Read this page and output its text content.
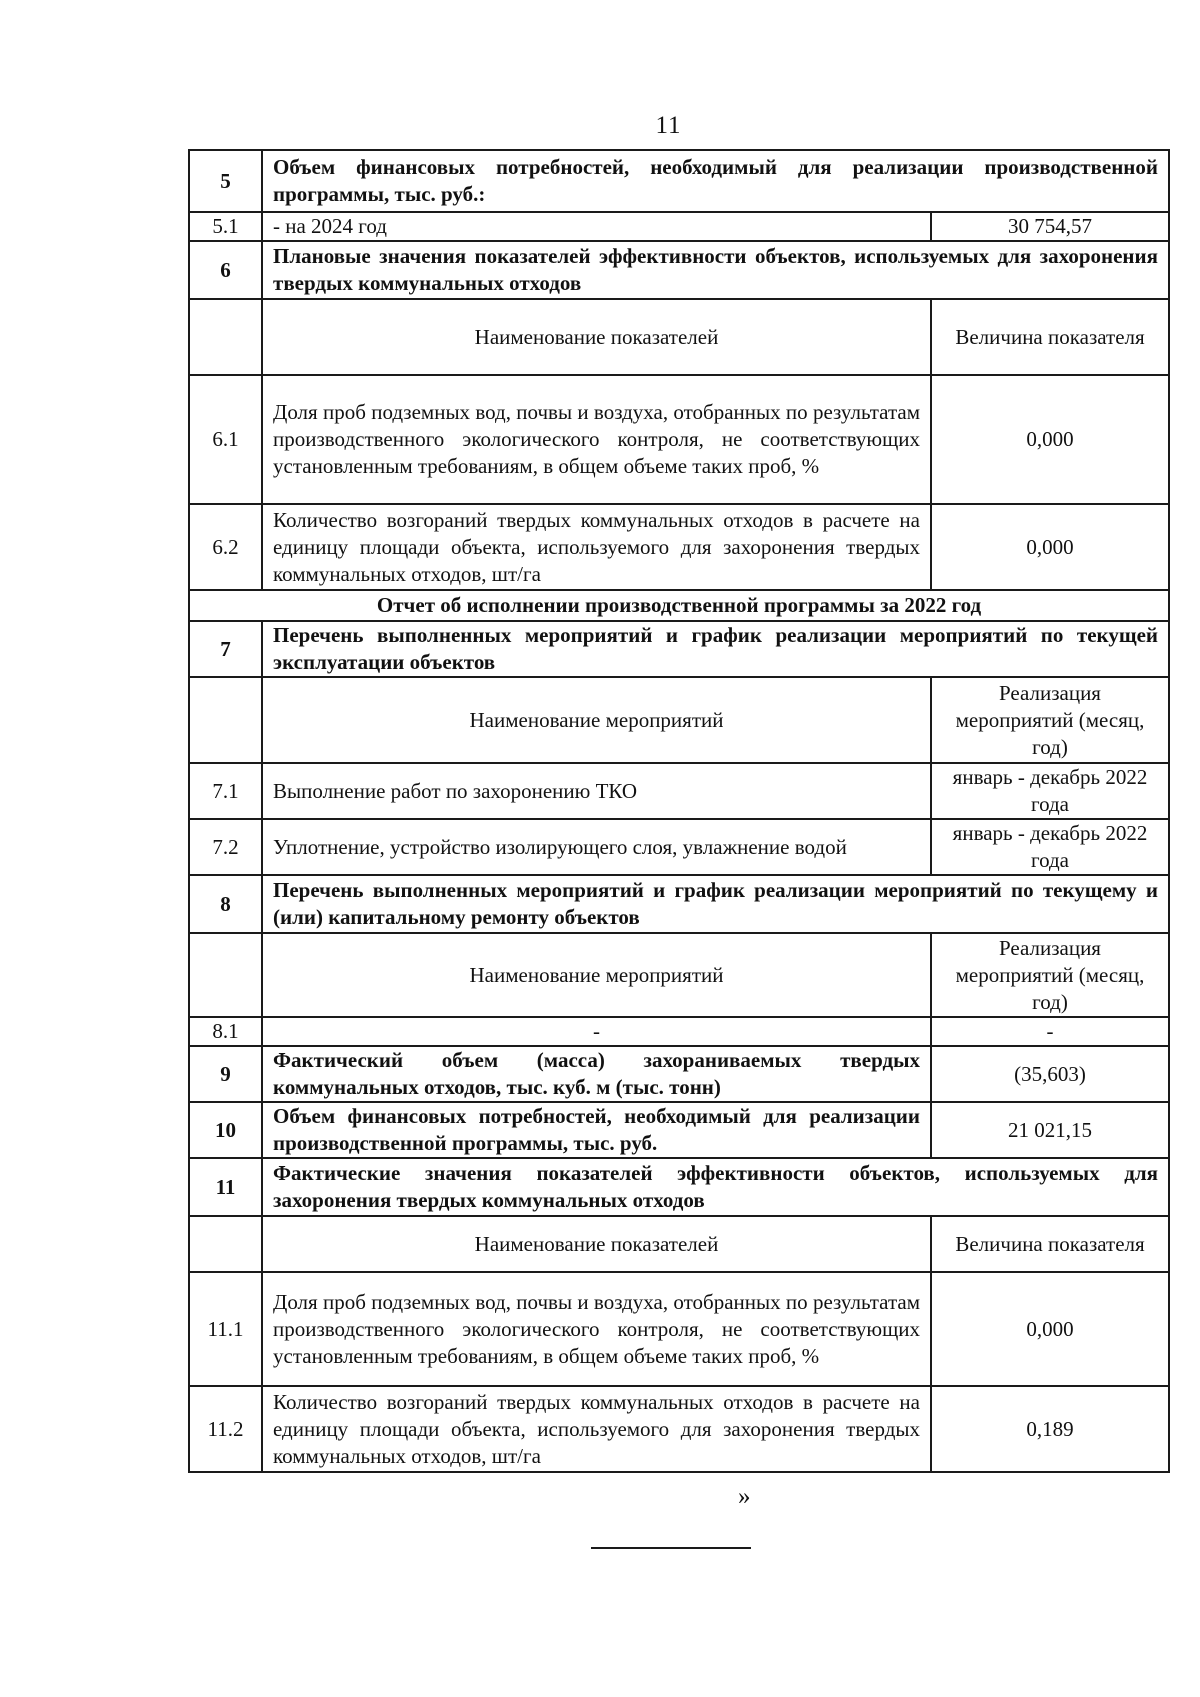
11
5	Объем финансовых потребностей, необходимый для реализации производственной программы, тыс. руб.:	
5.1	- на 2024 год	30 754,57
6	Плановые значения показателей эффективности объектов, используемых для захоронения твердых коммунальных отходов	
	Наименование показателей	Величина показателя
6.1	Доля проб подземных вод, почвы и воздуха, отобранных по результатам производственного экологического контроля, не соответствующих установленным требованиям, в общем объеме таких проб, %	0,000
6.2	Количество возгораний твердых коммунальных отходов в расчете на единицу площади объекта, используемого для захоронения твердых коммунальных отходов, шт/га	0,000
Отчет об исполнении производственной программы за 2022 год		
7	Перечень выполненных мероприятий и график реализации мероприятий по текущей эксплуатации объектов	
	Наименование мероприятий	Реализация мероприятий (месяц, год)
7.1	Выполнение работ по захоронению ТКО	январь - декабрь 2022 года
7.2	Уплотнение, устройство изолирующего слоя, увлажнение водой	январь - декабрь 2022 года
8	Перечень выполненных мероприятий и график реализации мероприятий по текущему и (или) капитальному ремонту объектов	
	Наименование мероприятий	Реализация мероприятий (месяц, год)
8.1	-	-
9	Фактический объем (масса) захораниваемых твердых коммунальных отходов, тыс. куб. м (тыс. тонн)	(35,603)
10	Объем финансовых потребностей, необходимый для реализации производственной программы, тыс. руб.	21 021,15
11	Фактические значения показателей эффективности объектов, используемых для захоронения твердых коммунальных отходов	
	Наименование показателей	Величина показателя
11.1	Доля проб подземных вод, почвы и воздуха, отобранных по результатам производственного экологического контроля, не соответствующих установленным требованиям, в общем объеме таких проб, %	0,000
11.2	Количество возгораний твердых коммунальных отходов в расчете на единицу площади объекта, используемого для захоронения твердых коммунальных отходов, шт/га	0,189
»
